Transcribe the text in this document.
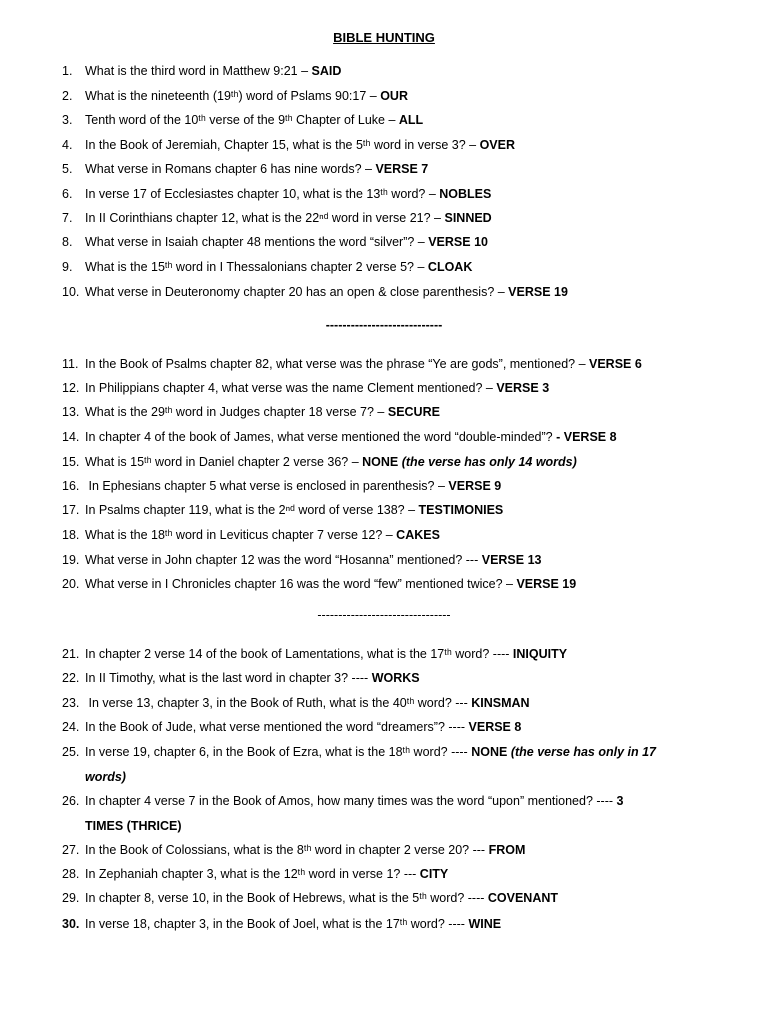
BIBLE HUNTING
1. What is the third word in Matthew 9:21 – SAID
2. What is the nineteenth (19ᵗʰ) word of Pslams 90:17 – OUR
3. Tenth word of the 10ᵗʰ verse of the 9ᵗʰ Chapter of Luke – ALL
4. In the Book of Jeremiah, Chapter 15, what is the 5ᵗʰ word in verse 3? – OVER
5. What verse in Romans chapter 6 has nine words? – VERSE 7
6. In verse 17 of Ecclesiastes chapter 10, what is the 13ᵗʰ word? – NOBLES
7. In II Corinthians chapter 12, what is the 22ⁿᵈ word in verse 21? – SINNED
8. What verse in Isaiah chapter 48 mentions the word “silver”? – VERSE 10
9. What is the 15ᵗʰ word in I Thessalonians chapter 2 verse 5? – CLOAK
10. What verse in Deuteronomy chapter 20 has an open & close parenthesis? – VERSE 19
----------------------------
11. In the Book of Psalms chapter 82, what verse was the phrase “Ye are gods”, mentioned? – VERSE 6
12. In Philippians chapter 4, what verse was the name Clement mentioned? – VERSE 3
13. What is the 29ᵗʰ word in Judges chapter 18 verse 7? – SECURE
14. In chapter 4 of the book of James, what verse mentioned the word “double-minded”? - VERSE 8
15. What is 15ᵗʰ word in Daniel chapter 2 verse 36? – NONE (the verse has only 14 words)
16. In Ephesians chapter 5 what verse is enclosed in parenthesis? – VERSE 9
17. In Psalms chapter 119, what is the 2ⁿᵈ word of verse 138? – TESTIMONIES
18. What is the 18ᵗʰ word in Leviticus chapter 7 verse 12? – CAKES
19. What verse in John chapter 12 was the word “Hosanna” mentioned? --- VERSE 13
20. What verse in I Chronicles chapter 16 was the word “few” mentioned twice? – VERSE 19
--------------------------------
21. In chapter 2 verse 14 of the book of Lamentations, what is the 17ᵗʰ word? ---- INIQUITY
22. In II Timothy, what is the last word in chapter 3? ---- WORKS
23. In verse 13, chapter 3, in the Book of Ruth, what is the 40ᵗʰ word? --- KINSMAN
24. In the Book of Jude, what verse mentioned the word “dreamers”? ---- VERSE 8
25. In verse 19, chapter 6, in the Book of Ezra, what is the 18ᵗʰ word? ---- NONE (the verse has only in 17
words)
26. In chapter 4 verse 7 in the Book of Amos, how many times was the word “upon” mentioned? ---- 3
TIMES (THRICE)
27. In the Book of Colossians, what is the 8ᵗʰ word in chapter 2 verse 20? --- FROM
28. In Zephaniah chapter 3, what is the 12ᵗʰ word in verse 1? --- CITY
29. In chapter 8, verse 10, in the Book of Hebrews, what is the 5ᵗʰ word? ---- COVENANT
30. In verse 18, chapter 3, in the Book of Joel, what is the 17ᵗʰ word? ---- WINE
